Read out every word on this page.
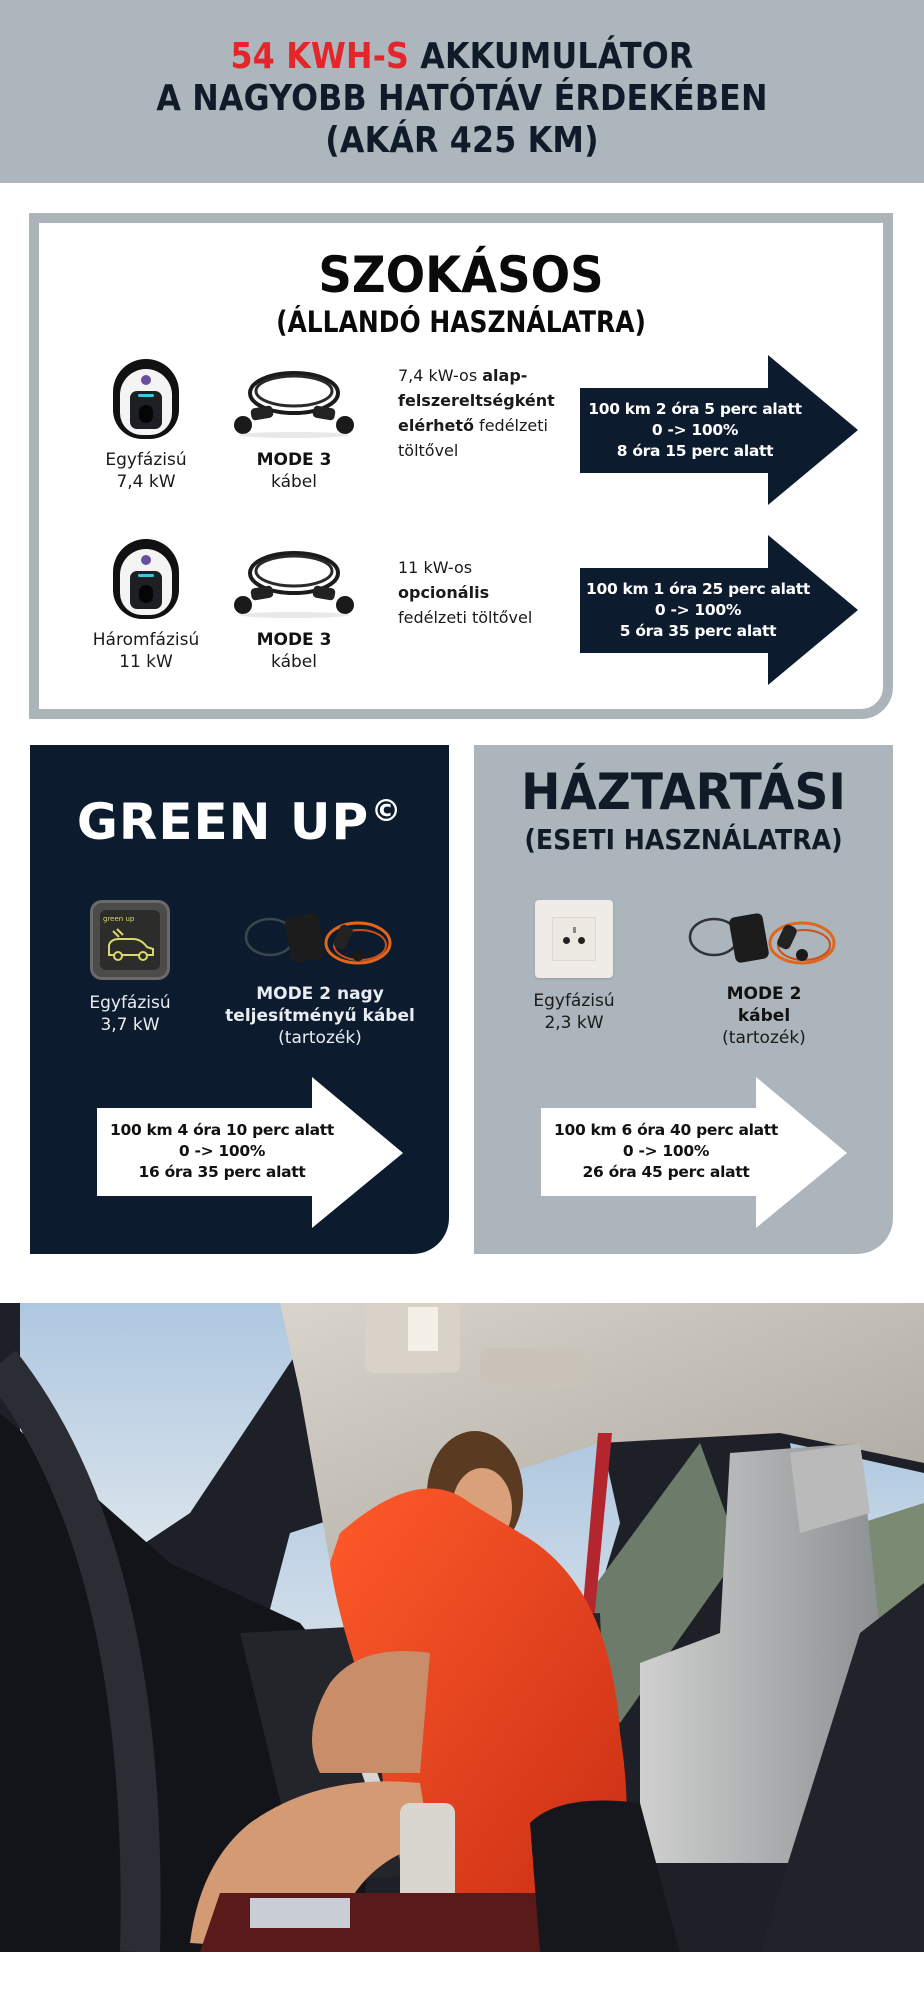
54 KWH-S AKKUMULÁTOR
A NAGYOBB HATÓTÁV ÉRDEKÉBEN
(AKÁR 425 KM)
SZOKÁSOS
(ÁLLANDÓ HASZNÁLATRA)
Egyfázisú
7,4 kW
MODE 3
kábel
7,4 kW-os alap-felszereltségként elérhető fedélzeti töltővel
100 km 2 óra 5 perc alatt
0 -> 100%
8 óra 15 perc alatt
Háromfázisú
11 kW
MODE 3
kábel
11 kW-os
opcionális
fedélzeti töltővel
100 km 1 óra 25 perc alatt
0 -> 100%
5 óra 35 perc alatt
GREEN UP©
green up
Egyfázisú
3,7 kW
MODE 2 nagy
teljesítményű kábel
(tartozék)
100 km 4 óra 10 perc alatt
0 -> 100%
16 óra 35 perc alatt
HÁZTARTÁSI
(ESETI HASZNÁLATRA)
Egyfázisú
2,3 kW
MODE 2
kábel
(tartozék)
100 km 6 óra 40 perc alatt
0 -> 100%
26 óra 45 perc alatt
